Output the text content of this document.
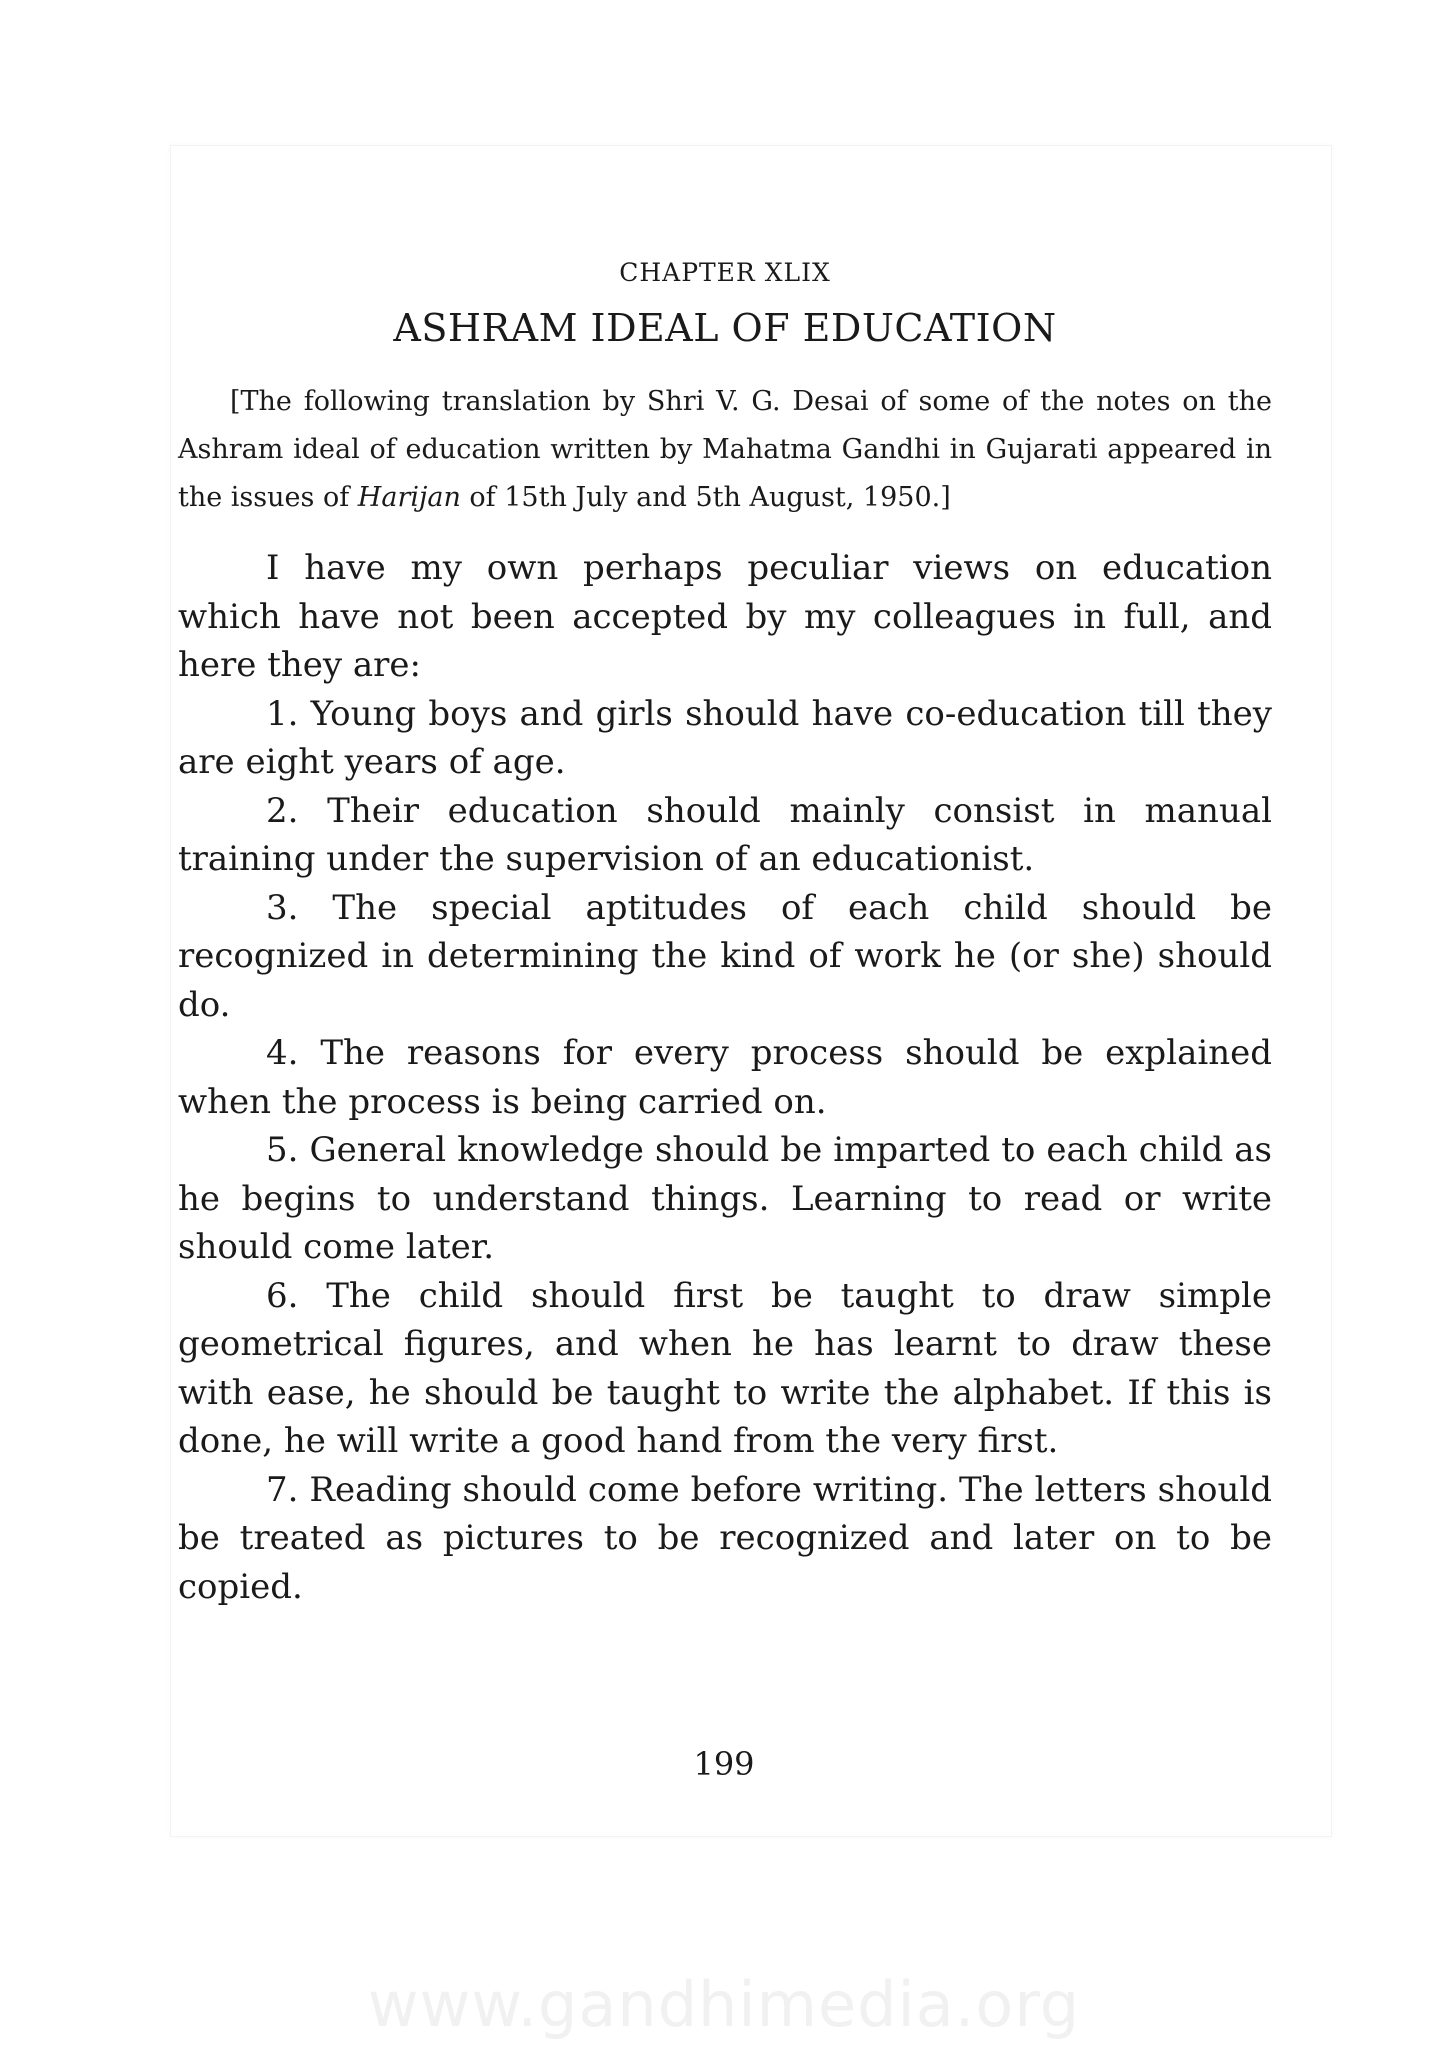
CHAPTER XLIX
ASHRAM IDEAL OF EDUCATION

[The following translation by Shri V. G. Desai of some of the notes on the Ashram ideal of education written by Mahatma Gandhi in Gujarati appeared in the issues of Harijan of 15th July and 5th August, 1950.]

I have my own perhaps peculiar views on education which have not been accepted by my colleagues in full, and here they are:

1. Young boys and girls should have co-education till they are eight years of age.

2. Their education should mainly consist in manual training under the supervision of an educationist.

3. The special aptitudes of each child should be recognized in determining the kind of work he (or she) should do.

4. The reasons for every process should be explained when the process is being carried on.

5. General knowledge should be imparted to each child as he begins to understand things. Learning to read or write should come later.

6. The child should first be taught to draw simple geometrical figures, and when he has learnt to draw these with ease, he should be taught to write the alphabet. If this is done, he will write a good hand from the very first.

7. Reading should come before writing. The letters should be treated as pictures to be recognized and later on to be copied.

199
www.gandhimedia.org
